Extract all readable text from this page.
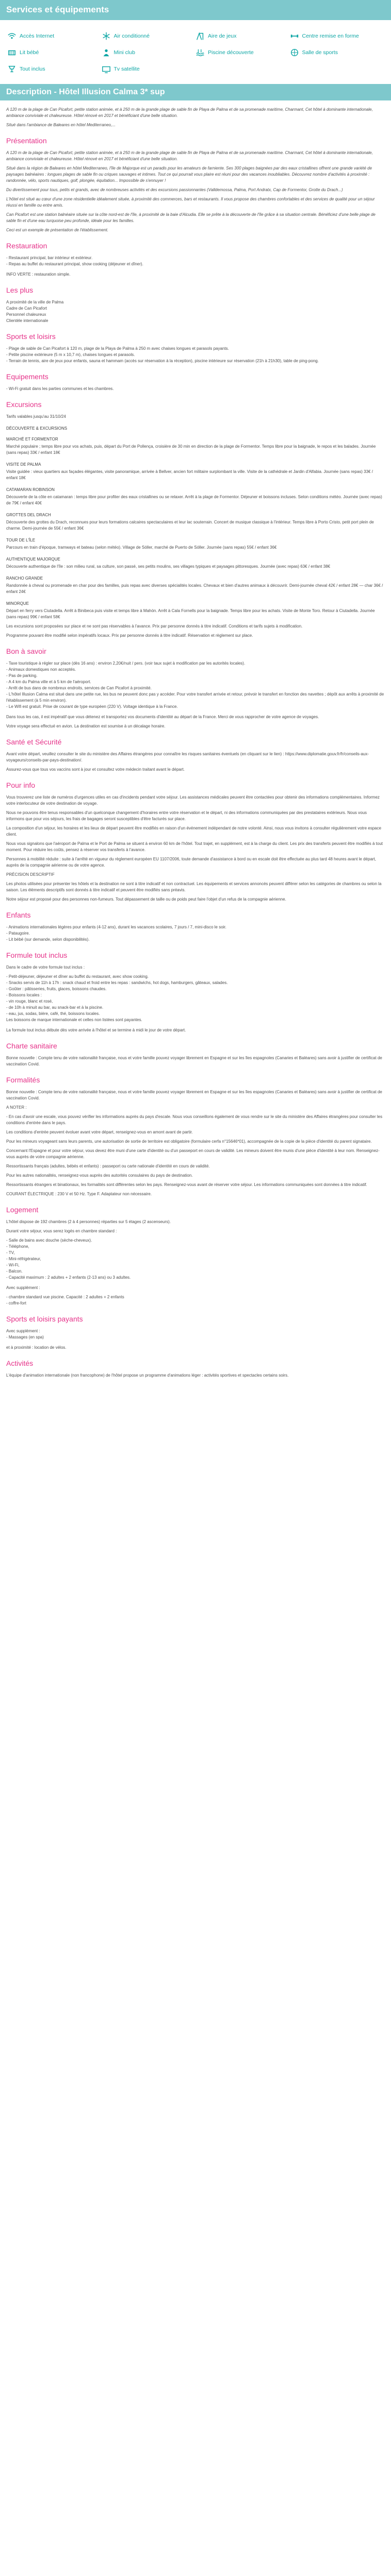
Services et équipements
Accès Internet	Air conditionné	Aire de jeux	Centre remise en forme
Lit bébé	Mini club	Piscine découverte	Salle de sports
Tout inclus	Tv satellite
Description - Hôtel Illusion Calma 3* sup

A 120 m de la plage de Can Picafort, petite station animée, et à 250 m de la grande plage de sable fin de Playa de Palma et de sa promenade maritime, Charmant, Cet hôtel à dominante internationale, ambiance conviviale et chaleureuse. Hôtel rénové en 2017 et bénéficiant d'une belle situation.

Situé dans l'ambiance de Baleares en hôtel Mediterraneo,...

Présentation

A 120 m de la plage de Can Picafort, petite station animée, et à 250 m de la grande plage de sable fin de Playa de Palma et de sa promenade maritime. Charmant, Cet hôtel à dominante internationale, ambiance conviviale et chaleureuse. Hôtel rénové en 2017 et bénéficiant d'une belle situation.

Situé dans la région de Baleares en hôtel Mediterraneo, l'île de Majorque est un paradis pour les amateurs de farniente. Ses 300 plages baignées par des eaux cristallines offrent une grande variété de paysages balnéaires : longues plages de sable fin ou criques sauvages et intimes. Tout ce qui pourrait vous plaire est réuni pour des vacances inoubliables. Découvrez nombre d'activités à proximité : randonnée, vélo, sports nautiques, golf, plongée, équitation... Impossible de s'ennuyer !

Du divertissement pour tous, petits et grands, avec de nombreuses activités et des excursions passionnantes (Valldemossa, Palma, Port Andratx, Cap de Formentor, Grotte du Drach...)

L'hôtel est situé au cœur d'une zone résidentielle idéalement située, à proximité des commerces, bars et restaurants. Il vous propose des chambres confortables et des services de qualité pour un séjour réussi en famille ou entre amis.

Can Picafort est une station balnéaire située sur la côte nord-est de l'île, à proximité de la baie d'Alcudia. Elle se prête à la découverte de l'île grâce à sa situation centrale. Bénéficiez d'une belle plage de sable fin et d'une eau turquoise peu profonde, idéale pour les familles.

Ceci est un exemple de présentation de l'établissement.

Restauration
- Restaurant principal, bar intérieur et extérieur.
- Repas au buffet du restaurant principal, show cooking (déjeuner et dîner).

INFO VERTE : restauration simple.

Les plus
A proximité de la ville de Palma
Cadre de Can Picafort
Personnel chaleureux
Clientèle internationale
Sports et loisirs
- Plage de sable de Can Picafort à 120 m, plage de la Playa de Palma à 250 m avec chaises longues et parasols payants.
- Petite piscine extérieure (5 m x 10,7 m), chaises longues et parasols.
- Terrain de tennis, aire de jeux pour enfants, sauna et hammam (accès sur réservation à la réception), piscine intérieure sur réservation (21h à 21h30), table de ping-pong.
Equipements
- Wi-Fi gratuit dans les parties communes et les chambres.
Excursions

Tarifs valables jusqu'au 31/10/24

DÉCOUVERTE & EXCURSIONS
MARCHÉ ET FORMENTOR

Marché populaire ; temps libre pour vos achats, puis, départ du Port de Pollença, croisière de 30 min en direction de la plage de Formentor. Temps libre pour la baignade, le repos et les balades. Journée (sans repas) 33€ / enfant 18€

VISITE DE PALMA

Visite guidée : vieux quartiers aux façades élégantes, visite panoramique, arrivée à Bellver, ancien fort militaire surplombant la ville. Visite de la cathédrale et Jardin d'Alfabia. Journée (sans repas) 33€ / enfant 18€

CATAMARAN ROBINSON

Découverte de la côte en catamaran : temps libre pour profiter des eaux cristallines ou se relaxer. Arrêt à la plage de Formentor. Déjeuner et boissons incluses. Selon conditions météo. Journée (avec repas) de 79€ / enfant 40€

GROTTES DEL DRACH

Découverte des grottes du Drach, reconnues pour leurs formations calcaires spectaculaires et leur lac souterrain. Concert de musique classique à l'intérieur. Temps libre à Porto Cristo, petit port plein de charme. Demi-journée de 55€ / enfant 36€

TOUR DE L'ÎLE

Parcours en train d'époque, tramways et bateau (selon météo). Village de Sóller, marché de Puerto de Sóller. Journée (sans repas) 55€ / enfant 36€

AUTHENTIQUE MAJORQUE

Découverte authentique de l'île : son milieu rural, sa culture, son passé, ses petits moulins, ses villages typiques et paysages pittoresques. Journée (avec repas) 63€ / enfant 38€

RANCHO GRANDE

Randonnée à cheval ou promenade en char pour des familles, puis repas avec diverses spécialités locales. Chevaux et bien d'autres animaux à découvrir. Demi-journée cheval 42€ / enfant 28€ — char 36€ / enfant 24€

MINORQUE

Départ en ferry vers Ciutadella. Arrêt à Binibeca puis visite et temps libre à Mahón. Arrêt à Cala Fornells pour la baignade. Temps libre pour les achats. Visite de Monte Toro. Retour à Ciutadella. Journée (sans repas) 99€ / enfant 58€

Les excursions sont proposées sur place et ne sont pas réservables à l'avance. Prix par personne donnés à titre indicatif. Conditions et tarifs sujets à modification.

Programme pouvant être modifié selon impératifs locaux. Prix par personne donnés à titre indicatif. Réservation et règlement sur place.

Bon à savoir
- Taxe touristique à régler sur place (dès 16 ans) : environ 2,20€/nuit / pers. (voir taux sujet à modification par les autorités locales).
- Animaux domestiques non acceptés.
- Pas de parking.
- A 4 km du Palma ville et à 5 km de l'aéroport.
- Arrêt de bus dans de nombreux endroits, services de Can Picafort à proximité.
- L'hôtel Illusion Calma est situé dans une petite rue, les bus ne peuvent donc pas y accéder. Pour votre transfert arrivée et retour, prévoir le transfert en fonction des navettes ; dépôt aux arrêts à proximité de l'établissement (à 5 min environ).
- Le Wifi est gratuit. Prise de courant de type européen (220 V). Voltage identique à la France.

Dans tous les cas, il est impératif que vous détenez et transportez vos documents d'identité au départ de la France. Merci de vous rapprocher de votre agence de voyages.

Votre voyage sera effectué en avion. La destination est soumise à un décalage horaire.

Santé et Sécurité

Avant votre départ, veuillez consulter le site du ministère des Affaires étrangères pour connaître les risques sanitaires éventuels (en cliquant sur le lien) : https://www.diplomatie.gouv.fr/fr/conseils-aux-voyageurs/conseils-par-pays-destination/.

Assurez-vous que tous vos vaccins sont à jour et consultez votre médecin traitant avant le départ.

Pour info

Vous trouverez une liste de numéros d'urgences utiles en cas d'incidents pendant votre séjour. Les assistances médicales peuvent être contactées pour obtenir des informations complémentaires. Informez votre interlocuteur de votre destination de voyage.

Nous ne pouvons être tenus responsables d'un quelconque changement d'horaires entre votre réservation et le départ, ni des informations communiquées par des prestataires extérieurs. Nous vous informons que pour vos séjours, les frais de bagages seront susceptibles d'être facturés sur place.

La composition d'un séjour, les horaires et les lieux de départ peuvent être modifiés en raison d'un événement indépendant de notre volonté. Ainsi, nous vous invitons à consulter régulièrement votre espace client.

Nous vous signalons que l'aéroport de Palma et le Port de Palma se situent à environ 60 km de l'hôtel. Tout trajet, en supplément, est à la charge du client. Les prix des transferts peuvent être modifiés à tout moment. Pour réduire les coûts, pensez à réserver vos transferts à l'avance.

Personnes à mobilité réduite : suite à l'arrêté en vigueur du règlement européen EU 1107/2006, toute demande d'assistance à bord ou en escale doit être effectuée au plus tard 48 heures avant le départ, auprès de la compagnie aérienne ou de votre agence.

PRÉCISION DESCRIPTIF

Les photos utilisées pour présenter les hôtels et la destination ne sont à titre indicatif et non contractuel. Les équipements et services annoncés peuvent différer selon les catégories de chambres ou selon la saison. Les éléments descriptifs sont donnés à titre indicatif et peuvent être modifiés sans préavis.

Notre séjour est proposé pour des personnes non-fumeurs. Tout dépassement de taille ou de poids peut faire l'objet d'un refus de la compagnie aérienne.

Enfants
- Animations internationales légères pour enfants (4-12 ans), durant les vacances scolaires, 7 jours / 7, mini-disco le soir.
- Pataugoire.
- Lit bébé (sur demande, selon disponibilités).
Formule tout inclus

Dans le cadre de votre formule tout inclus :

- Petit-déjeuner, déjeuner et dîner au buffet du restaurant, avec show cooking.
- Snacks servis de 11h à 17h : snack chaud et froid entre les repas : sandwichs, hot dogs, hamburgers, gâteaux, salades.
- Goûter : pâtisseries, fruits, glaces, boissons chaudes.
- Boissons locales :
- vin rouge, blanc et rosé,
- de 10h à minuit au bar, au snack-bar et à la piscine.
- eau, jus, sodas, bière, café, thé, boissons locales.
Les boissons de marque internationale et celles non listées sont payantes.

La formule tout inclus débute dès votre arrivée à l'hôtel et se termine à midi le jour de votre départ.

Charte sanitaire

Bonne nouvelle : Compte tenu de votre nationalité française, nous et votre famille pouvez voyager librement en Espagne et sur les îles espagnoles (Canaries et Baléares) sans avoir à justifier de certificat de vaccination Covid.

Formalités

Bonne nouvelle : Compte tenu de votre nationalité française, nous et votre famille pouvez voyager librement en Espagne et sur les îles espagnoles (Canaries et Baléares) sans avoir à justifier de certificat de vaccination Covid.

A NOTER :

- En cas d'avoir une escale, vous pouvez vérifier les informations auprès du pays d'escale. Nous vous conseillons également de vous rendre sur le site du ministère des Affaires étrangères pour consulter les conditions d'entrée dans le pays.

Les conditions d'entrée peuvent évoluer avant votre départ, renseignez-vous en amont avant de partir.

Pour les mineurs voyageant sans leurs parents, une autorisation de sortie de territoire est obligatoire (formulaire cerfa n°15646*01), accompagnée de la copie de la pièce d'identité du parent signataire.

Concernant l'Espagne et pour votre séjour, vous devez être muni d'une carte d'identité ou d'un passeport en cours de validité. Les mineurs doivent être munis d'une pièce d'identité à leur nom. Renseignez-vous auprès de votre compagnie aérienne.

Ressortissants français (adultes, bébés et enfants) : passeport ou carte nationale d'identité en cours de validité.

Pour les autres nationalités, renseignez-vous auprès des autorités consulaires du pays de destination.

Ressortissants étrangers et binationaux, les formalités sont différentes selon les pays. Renseignez-vous avant de réserver votre séjour. Les informations communiquées sont données à titre indicatif.

COURANT ÉLECTRIQUE : 230 V et 50 Hz. Type F. Adaptateur non nécessaire.

Logement

L'hôtel dispose de 192 chambres (2 à 4 personnes) réparties sur 5 étages (2 ascenseurs).

Durant votre séjour, vous serez logés en chambre standard :

- Salle de bains avec douche (sèche-cheveux).
- Téléphone,
- TV,
- Mini-réfrigérateur,
- Wi-Fi,
- Balcon.
- Capacité maximum : 2 adultes + 2 enfants (2-13 ans) ou 3 adultes.

Avec supplément :

- chambre standard vue piscine. Capacité : 2 adultes + 2 enfants
- coffre-fort
Sports et loisirs payants
Avec supplément :
- Massages (en spa)

et à proximité : location de vélos.

Activités

L'équipe d'animation internationale (non francophone) de l'hôtel propose un programme d'animations léger : activités sportives et spectacles certains soirs.
